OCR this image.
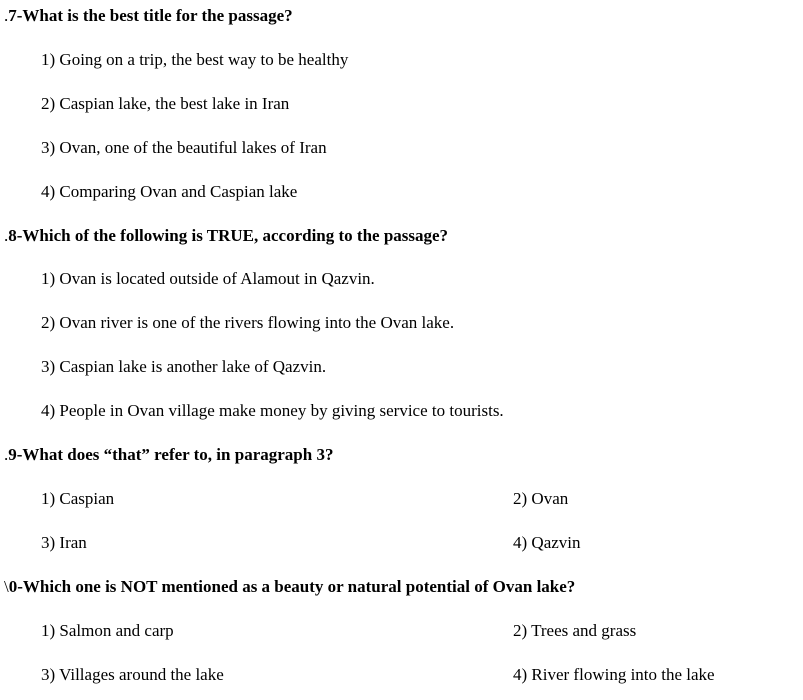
.7-What is the best title for the passage?
1) Going on a trip, the best way to be healthy
2) Caspian lake, the best lake in Iran
3) Ovan, one of the beautiful lakes of Iran
4) Comparing Ovan and Caspian lake
.8-Which of the following is TRUE, according to the passage?
1) Ovan is located outside of Alamout in Qazvin.
2) Ovan river is one of the rivers flowing into the Ovan lake.
3) Caspian lake is another lake of Qazvin.
4) People in Ovan village make money by giving service to tourists.
.9-What does “that” refer to, in paragraph 3?
1) Caspian	2) Ovan
3) Iran	4) Qazvin
\0-Which one is NOT mentioned as a beauty or natural potential of Ovan lake?
1) Salmon and carp	2) Trees and grass
3) Villages around the lake	4) River flowing into the lake
